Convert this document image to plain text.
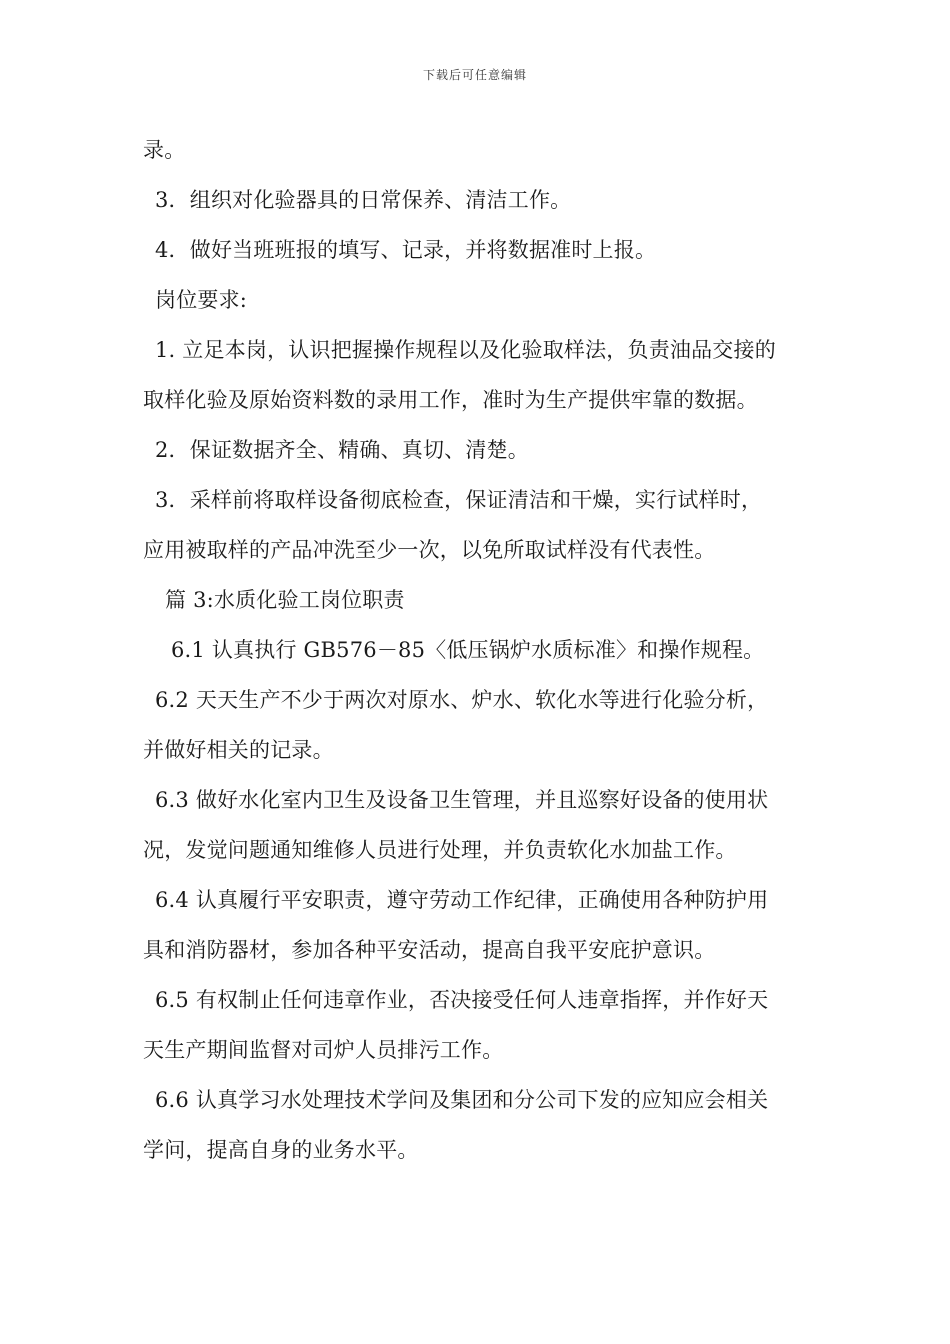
下载后可任意编辑
录。
3．组织对化验器具的日常保养、清洁工作。
4．做好当班班报的填写、记录，并将数据准时上报。
岗位要求:
1. 立足本岗，认识把握操作规程以及化验取样法，负责油品交接的
取样化验及原始资料数的录用工作，准时为生产提供牢靠的数据。
2．保证数据齐全、精确、真切、清楚。
3．采样前将取样设备彻底检查，保证清洁和干燥，实行试样时，
应用被取样的产品冲洗至少一次，以免所取试样没有代表性。
篇 3:水质化验工岗位职责
6.1 认真执行 GB576－85〈低压锅炉水质标准〉和操作规程。
6.2 天天生产不少于两次对原水、炉水、软化水等进行化验分析，
并做好相关的记录。
6.3 做好水化室内卫生及设备卫生管理，并且巡察好设备的使用状
况，发觉问题通知维修人员进行处理，并负责软化水加盐工作。
6.4 认真履行平安职责，遵守劳动工作纪律，正确使用各种防护用
具和消防器材，参加各种平安活动，提高自我平安庇护意识。
6.5 有权制止任何违章作业，否决接受任何人违章指挥，并作好天
天生产期间监督对司炉人员排污工作。
6.6 认真学习水处理技术学问及集团和分公司下发的应知应会相关
学问，提高自身的业务水平。
